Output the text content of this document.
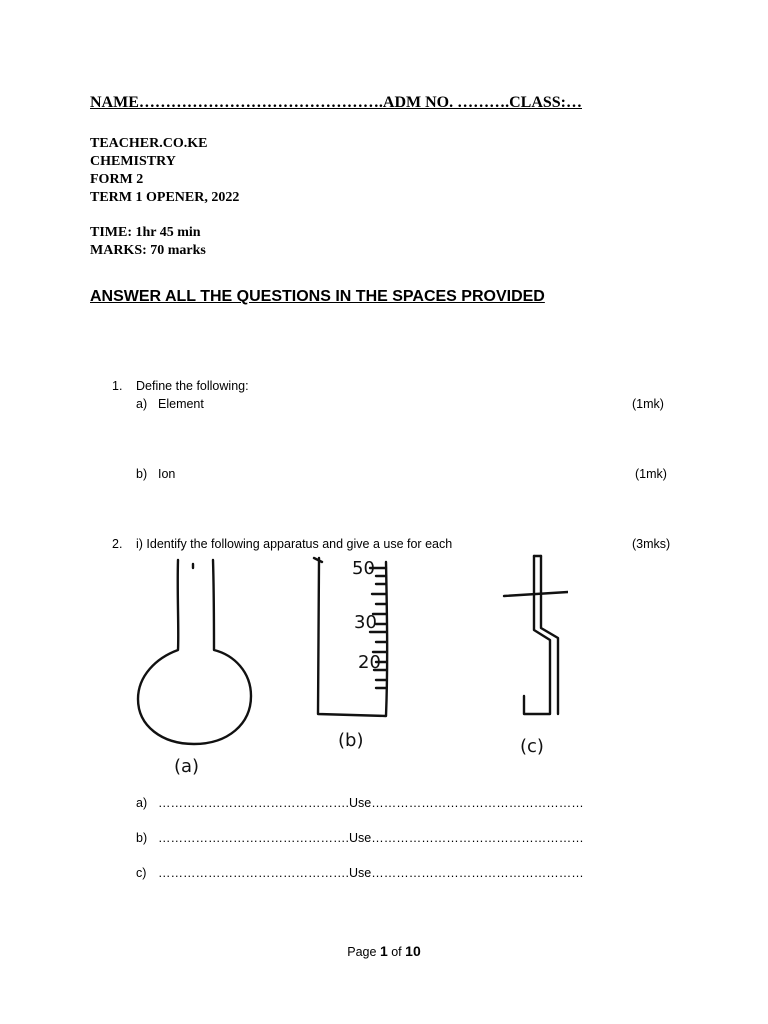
NAME……………………………………….ADM NO. ……….CLASS:…
TEACHER.CO.KE
CHEMISTRY
FORM 2
TERM 1 OPENER, 2022
TIME: 1hr 45 min
MARKS: 70 marks
ANSWER ALL THE QUESTIONS IN THE SPACES PROVIDED
1. Define the following:
a) Element	(1mk)
b) Ion	(1mk)
2. i) Identify the following apparatus and give a use for each	(3mks)
50
30
20
(a)
(b)	(c)
a) ……………………………………….Use……………………………………………
b) ……………………………………….Use……………………………………………
c) ……………………………………….Use……………………………………………
Page 1 of 10
